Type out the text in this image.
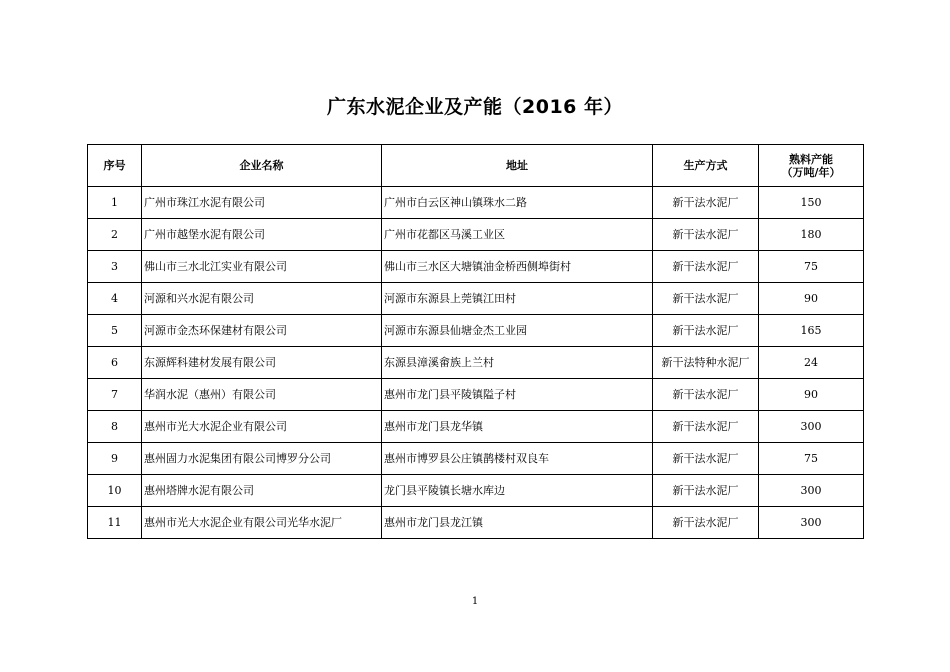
广东水泥企业及产能（2016 年）
序号	企业名称	地址	生产方式	熟料产能
（万吨/年）

1	广州市珠江水泥有限公司	广州市白云区神山镇珠水二路	新干法水泥厂	150
2	广州市越堡水泥有限公司	广州市花都区马溪工业区	新干法水泥厂	180
3	佛山市三水北江实业有限公司	佛山市三水区大塘镇油金桥西侧埠街村	新干法水泥厂	75
4	河源和兴水泥有限公司	河源市东源县上莞镇江田村	新干法水泥厂	90
5	河源市金杰环保建材有限公司	河源市东源县仙塘金杰工业园	新干法水泥厂	165
6	东源辉科建材发展有限公司	东源县漳溪畲族上兰村	新干法特种水泥厂	24
7	华润水泥（惠州）有限公司	惠州市龙门县平陵镇隘子村	新干法水泥厂	90
8	惠州市光大水泥企业有限公司	惠州市龙门县龙华镇	新干法水泥厂	300
9	惠州固力水泥集团有限公司博罗分公司	惠州市博罗县公庄镇鹊楼村双良车	新干法水泥厂	75
10	惠州塔牌水泥有限公司	龙门县平陵镇长塘水库边	新干法水泥厂	300
11	惠州市光大水泥企业有限公司光华水泥厂	惠州市龙门县龙江镇	新干法水泥厂	300
1
